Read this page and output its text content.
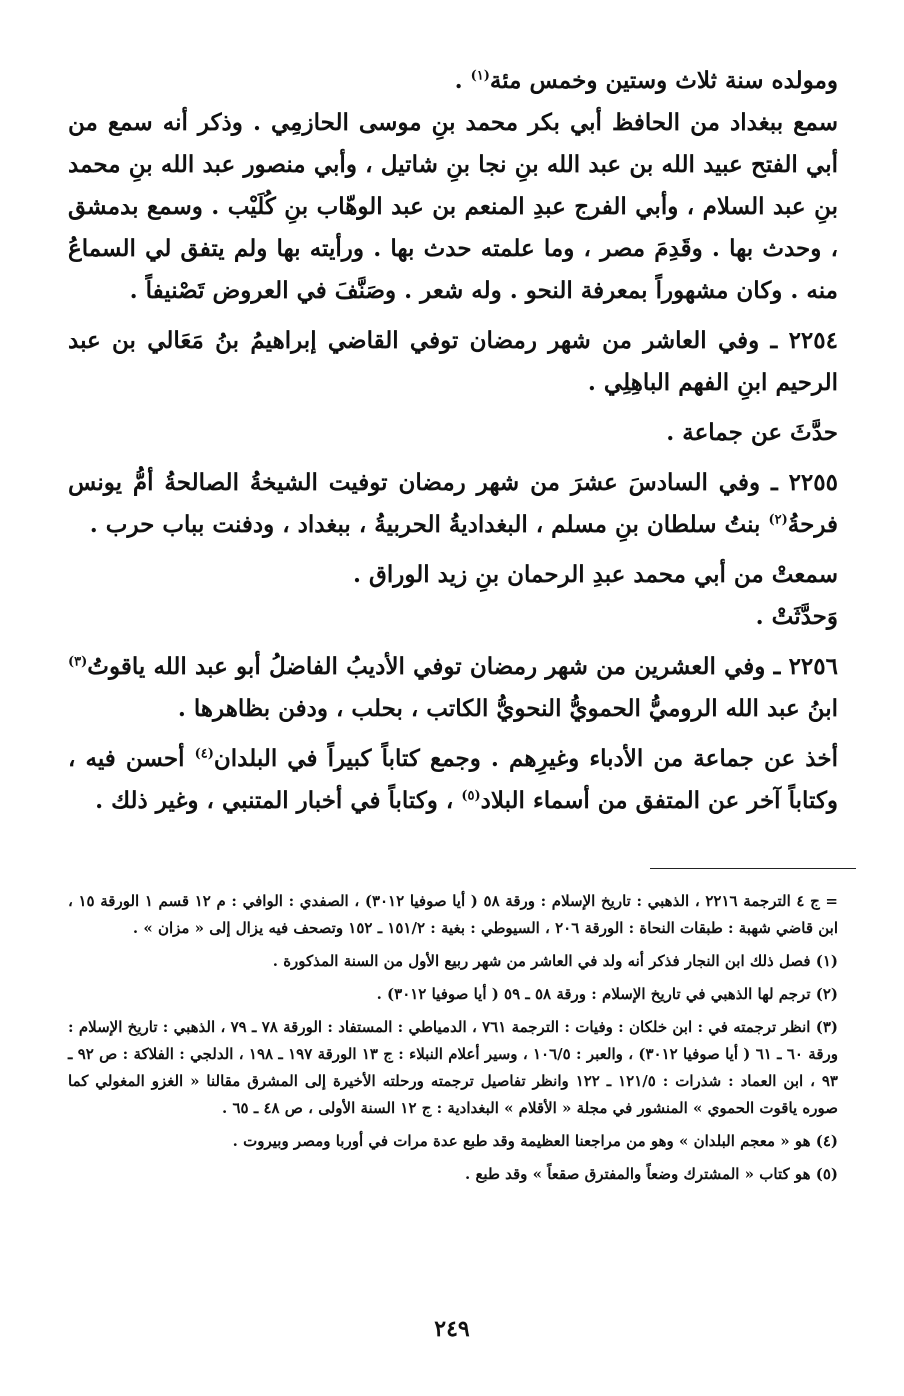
ومولده سنة ثلاث وستين وخمس مئة$^{(١)}$ .

سمع ببغداد من الحافظ أبي بكر محمد بنِ موسى الحازمِي . وذكر أنه سمع من أبي الفتح عبيد الله بن عبد الله بنِ نجا بنِ شاتيل ، وأبي منصور عبد الله بنِ محمد بنِ عبد السلام ، وأبي الفرج عبدِ المنعم بن عبد الوهّاب بنِ كُلَيْب . وسمع بدمشق ، وحدث بها . وقَدِمَ مصر ، وما علمته حدث بها . ورأيته بها ولم يتفق لي السماعُ منه . وكان مشهوراً بمعرفة النحو . وله شعر . وصَنَّفَ في العروض تَصْنيفاً .

٢٢٥٤ ـ وفي العاشر من شهر رمضان توفي القاضي إبراهيمُ بنُ مَعَالي بن عبد الرحيم ابنِ الفهم الباهِلِي .

حدَّثَ عن جماعة .

٢٢٥٥ ـ وفي السادسَ عشرَ من شهر رمضان توفيت الشيخةُ الصالحةُ أمُّ يونس فرحةُ$^{(٢)}$ بنتُ سلطان بنِ مسلم ، البغداديةُ الحربيةُ ، ببغداد ، ودفنت بباب حرب .

سمعتْ من أبي محمد عبدِ الرحمان بنِ زيد الوراق .

وَحدَّثَتْ .

٢٢٥٦ ـ وفي العشرين من شهر رمضان توفي الأديبُ الفاضلُ أبو عبد الله ياقوتُ$^{(٣)}$ ابنُ عبد الله الروميُّ الحمويُّ النحويُّ الكاتب ، بحلب ، ودفن بظاهرها .

أخذ عن جماعة من الأدباء وغيرِهم . وجمع كتاباً كبيراً في البلدان$^{(٤)}$ أحسن فيه ، وكتاباً آخر عن المتفق من أسماء البلاد$^{(٥)}$ ، وكتاباً في أخبار المتنبي ، وغير ذلك .

= ج ٤ الترجمة ٢٢١٦ ، الذهبي : تاريخ الإسلام : ورقة ٥٨ ( أيا صوفيا ٣٠١٢) ، الصفدي : الوافي : م ١٢ قسم ١ الورقة ١٥ ، ابن قاضي شهبة : طبقات النحاة : الورقة ٢٠٦ ، السيوطي : بغية : ١٥١/٢ ـ ١٥٢ وتصحف فيه يزال إلى « مزان » .

(١) فصل ذلك ابن النجار فذكر أنه ولد في العاشر من شهر ربيع الأول من السنة المذكورة .

(٢) ترجم لها الذهبي في تاريخ الإسلام : ورقة ٥٨ ـ ٥٩ ( أيا صوفيا ٣٠١٢) .

(٣) انظر ترجمته في : ابن خلكان : وفيات : الترجمة ٧٦١ ، الدمياطي : المستفاد : الورقة ٧٨ ـ ٧٩ ، الذهبي : تاريخ الإسلام : ورقة ٦٠ ـ ٦١ ( أيا صوفيا ٣٠١٢) ، والعبر : ١٠٦/٥ ، وسير أعلام النبلاء : ج ١٣ الورقة ١٩٧ ـ ١٩٨ ، الدلجي : الفلاكة : ص ٩٢ ـ ٩٣ ، ابن العماد : شذرات : ١٢١/٥ ـ ١٢٢ وانظر تفاصيل ترجمته ورحلته الأخيرة إلى المشرق مقالنا « الغزو المغولي كما صوره ياقوت الحموي » المنشور في مجلة « الأقلام » البغدادية : ج ١٢ السنة الأولى ، ص ٤٨ ـ ٦٥ .

(٤) هو « معجم البلدان » وهو من مراجعنا العظيمة وقد طبع عدة مرات في أوربا ومصر وبيروت .

(٥) هو كتاب « المشترك وضعاً والمفترق صقعاً » وقد طبع .

٢٤٩
